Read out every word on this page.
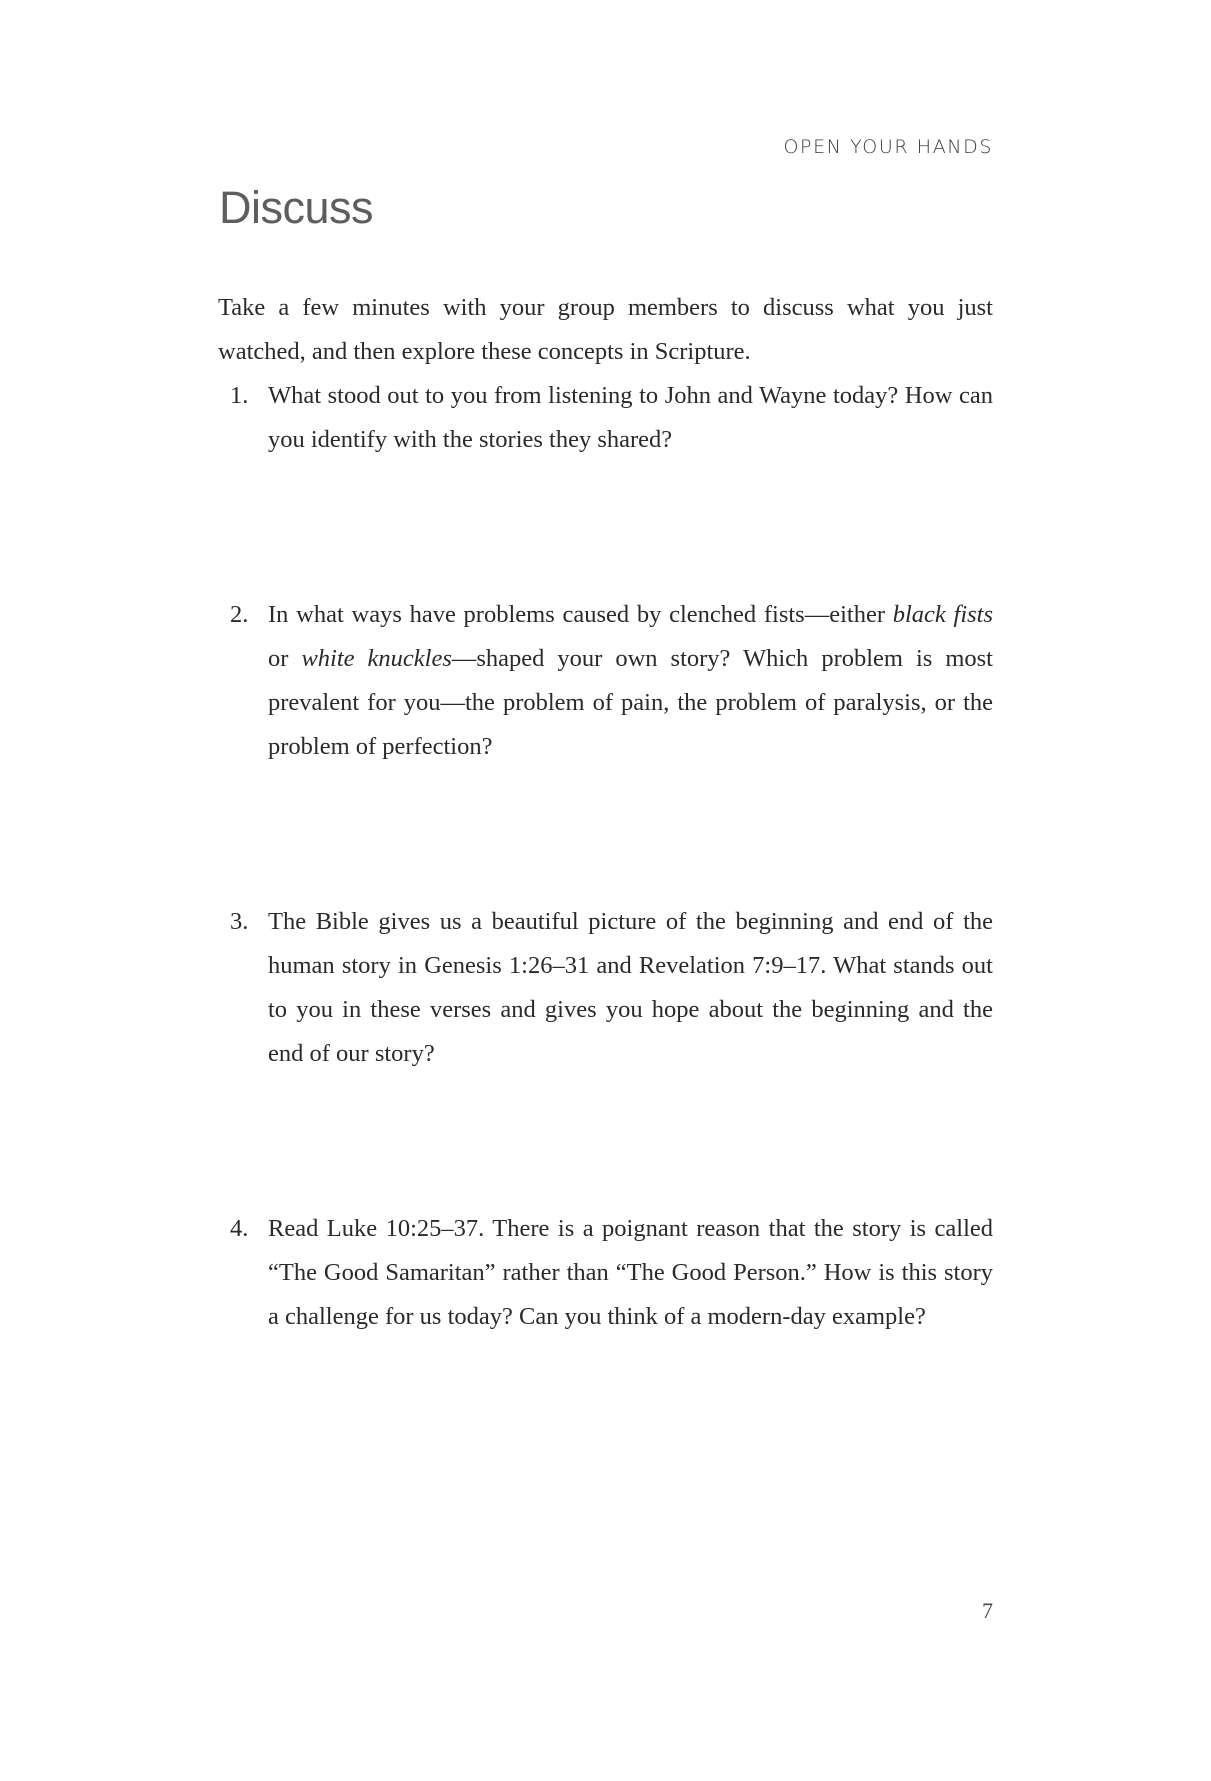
OPEN YOUR HANDS
Discuss

Take a few minutes with your group members to discuss what you just watched, and then explore these concepts in Scripture.

1. What stood out to you from listening to John and Wayne today? How can you identify with the stories they shared?
2. In what ways have problems caused by clenched fists—either black fists or white knuckles—shaped your own story? Which problem is most prevalent for you—the problem of pain, the problem of paralysis, or the problem of perfection?
3. The Bible gives us a beautiful picture of the beginning and end of the human story in Genesis 1:26–31 and Revelation 7:9–17. What stands out to you in these verses and gives you hope about the beginning and the end of our story?
4. Read Luke 10:25–37. There is a poignant reason that the story is called “The Good Samaritan” rather than “The Good Person.” How is this story a challenge for us today? Can you think of a modern-day example?
7
